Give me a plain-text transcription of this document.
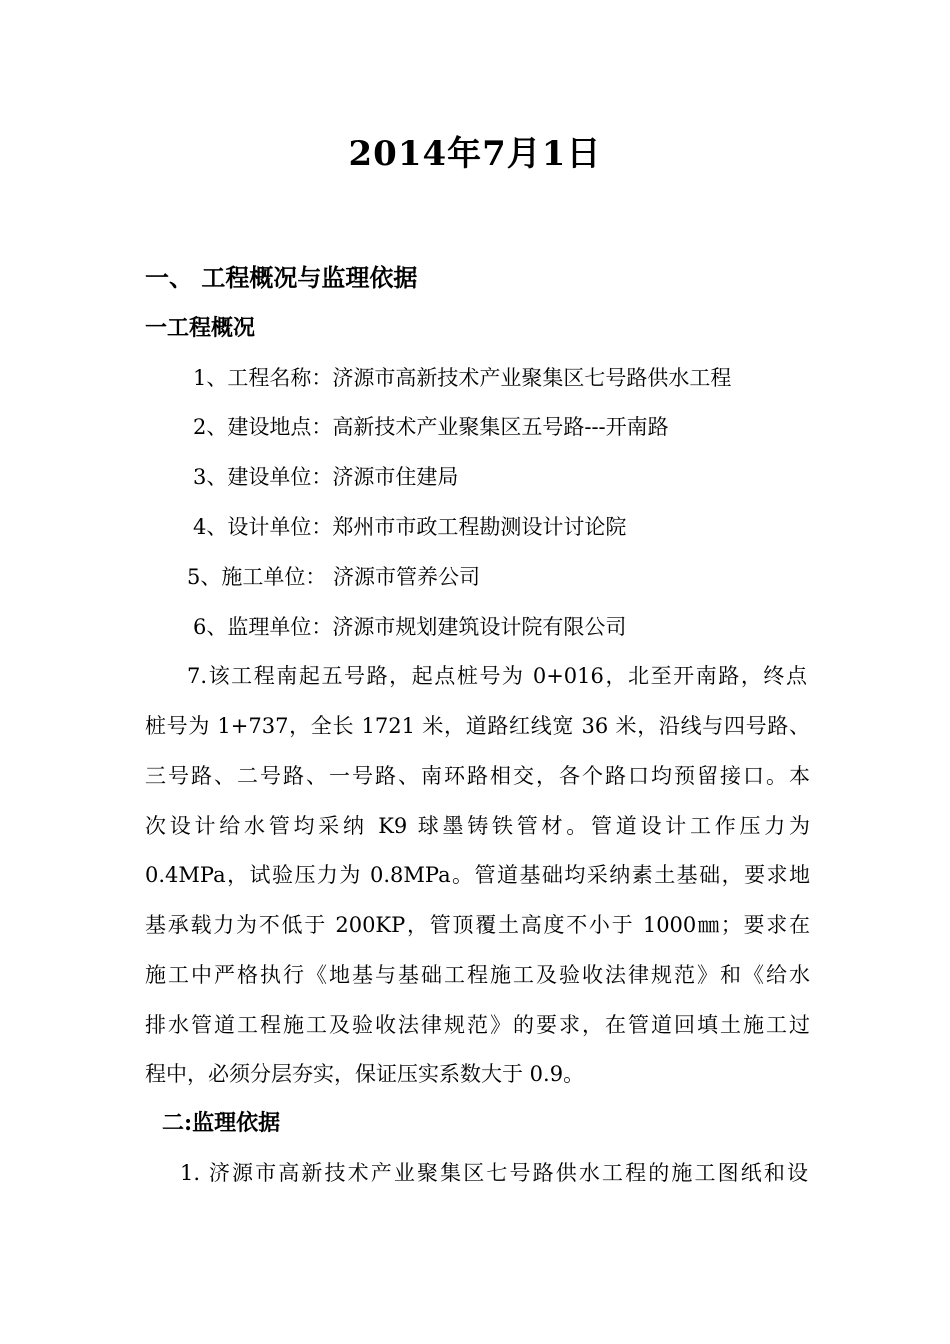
2014年7月1日
一、 工程概况与监理依据
一工程概况
1、工程名称：济源市高新技术产业聚集区七号路供水工程
2、建设地点：高新技术产业聚集区五号路---开南路
3、建设单位：济源市住建局
4、设计单位：郑州市市政工程勘测设计讨论院
5、施工单位： 济源市管养公司
6、监理单位：济源市规划建筑设计院有限公司
7.该工程南起五号路，起点桩号为 0+016，北至开南路，终点
桩号为 1+737，全长 1721 米，道路红线宽 36 米，沿线与四号路、
三号路、二号路、一号路、南环路相交，各个路口均预留接口。本
次设计给水管均采纳 K9 球墨铸铁管材。管道设计工作压力为
0.4MPa，试验压力为 0.8MPa。管道基础均采纳素土基础，要求地
基承载力为不低于 200KP，管顶覆土高度不小于 1000㎜；要求在
施工中严格执行《地基与基础工程施工及验收法律规范》和《给水
排水管道工程施工及验收法律规范》的要求，在管道回填土施工过
程中，必须分层夯实，保证压实系数大于 0.9。
二:监理依据
1. 济源市高新技术产业聚集区七号路供水工程的施工图纸和设
